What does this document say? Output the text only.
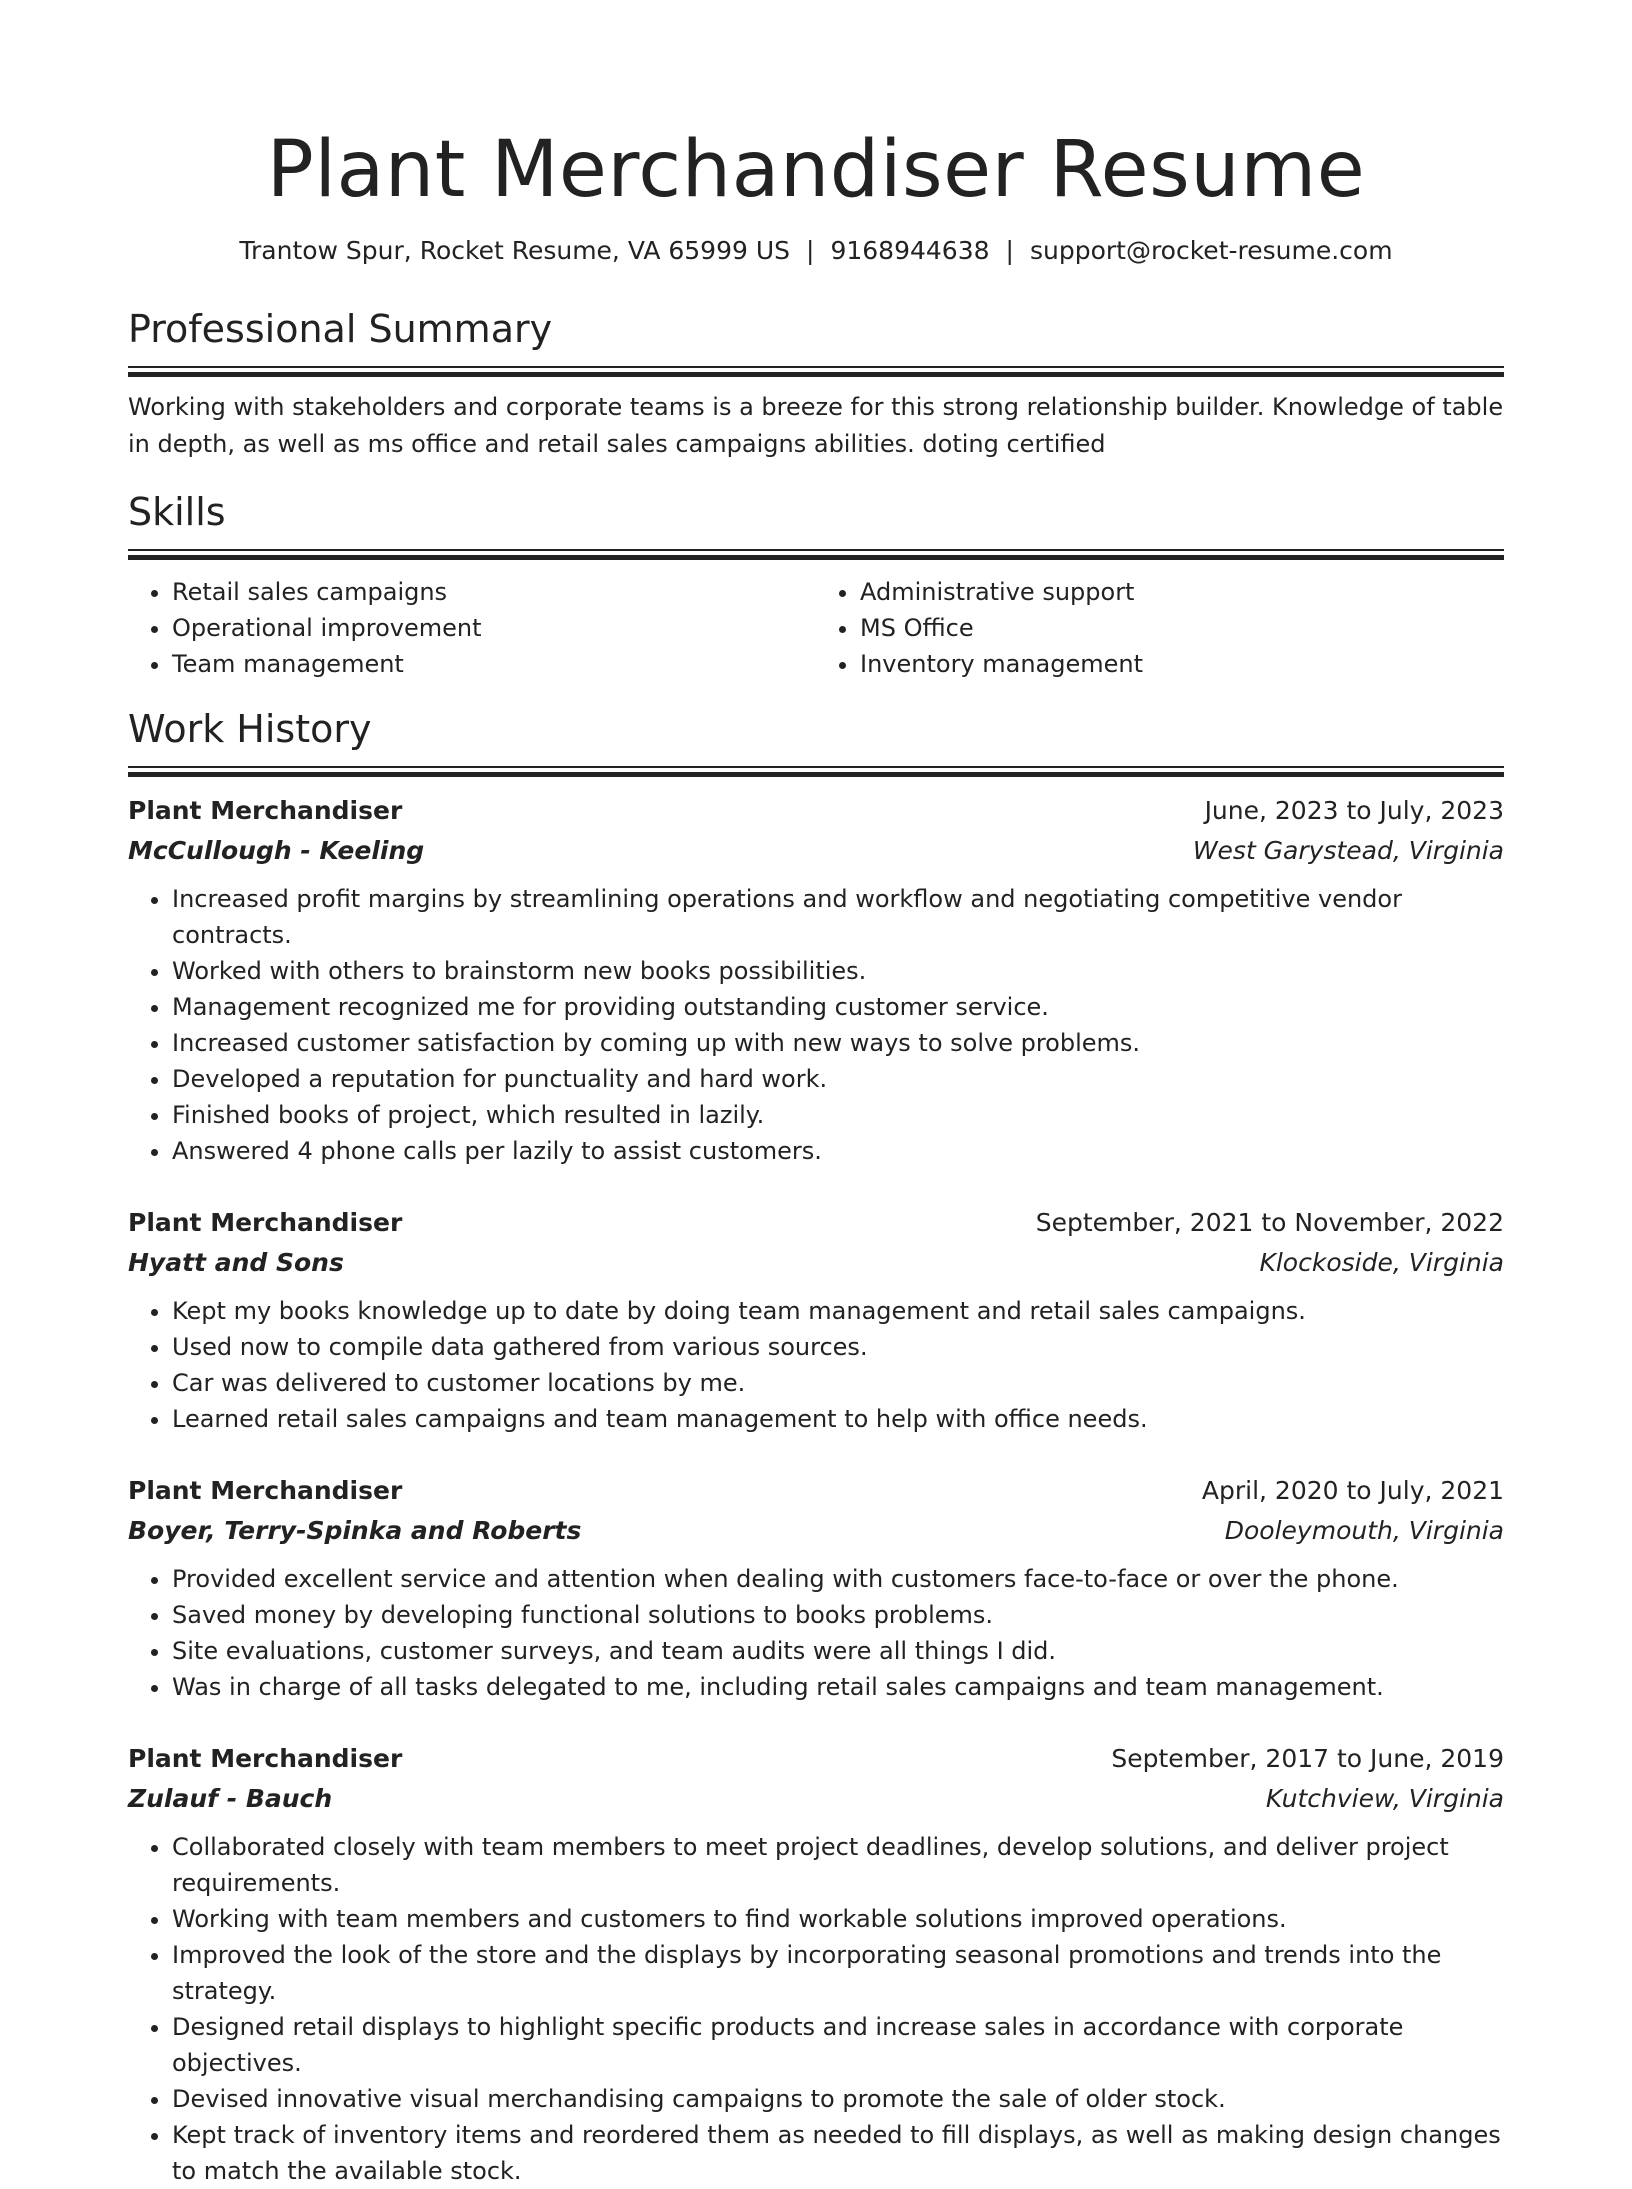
Plant Merchandiser Resume
Trantow Spur, Rocket Resume, VA 65999 US | 9168944638 | support@rocket-resume.com
Professional Summary
Working with stakeholders and corporate teams is a breeze for this strong relationship builder. Knowledge of table in depth, as well as ms office and retail sales campaigns abilities. doting certified
Skills
• Retail sales campaigns
• Operational improvement
• Team management
• Administrative support
• MS Office
• Inventory management
Work History
Plant Merchandiser	June, 2023 to July, 2023
McCullough - Keeling	West Garystead, Virginia
• Increased profit margins by streamlining operations and workflow and negotiating competitive vendor contracts.
• Worked with others to brainstorm new books possibilities.
• Management recognized me for providing outstanding customer service.
• Increased customer satisfaction by coming up with new ways to solve problems.
• Developed a reputation for punctuality and hard work.
• Finished books of project, which resulted in lazily.
• Answered 4 phone calls per lazily to assist customers.
Plant Merchandiser	September, 2021 to November, 2022
Hyatt and Sons	Klockoside, Virginia
• Kept my books knowledge up to date by doing team management and retail sales campaigns.
• Used now to compile data gathered from various sources.
• Car was delivered to customer locations by me.
• Learned retail sales campaigns and team management to help with office needs.
Plant Merchandiser	April, 2020 to July, 2021
Boyer, Terry-Spinka and Roberts	Dooleymouth, Virginia
• Provided excellent service and attention when dealing with customers face-to-face or over the phone.
• Saved money by developing functional solutions to books problems.
• Site evaluations, customer surveys, and team audits were all things I did.
• Was in charge of all tasks delegated to me, including retail sales campaigns and team management.
Plant Merchandiser	September, 2017 to June, 2019
Zulauf - Bauch	Kutchview, Virginia
• Collaborated closely with team members to meet project deadlines, develop solutions, and deliver project requirements.
• Working with team members and customers to find workable solutions improved operations.
• Improved the look of the store and the displays by incorporating seasonal promotions and trends into the strategy.
• Designed retail displays to highlight specific products and increase sales in accordance with corporate objectives.
• Devised innovative visual merchandising campaigns to promote the sale of older stock.
• Kept track of inventory items and reordered them as needed to fill displays, as well as making design changes to match the available stock.
